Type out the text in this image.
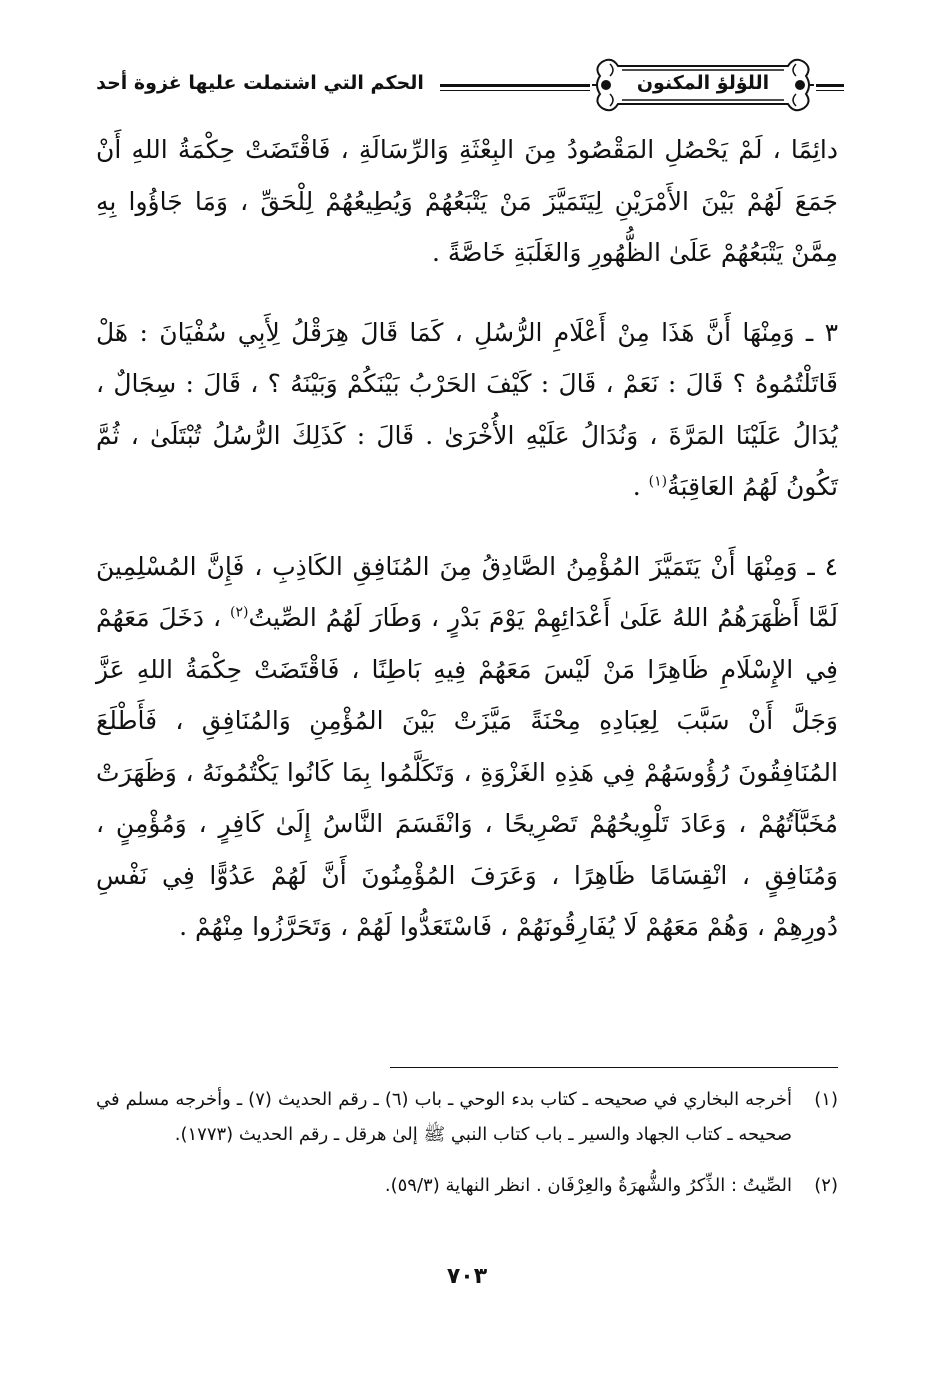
اللؤلؤ المكنون
الحكم التي اشتملت عليها غزوة أحد

دائِمًا ، لَمْ يَحْصُلِ المَقْصُودُ مِنَ البِعْثَةِ وَالرِّسَالَةِ ، فَاقْتَضَتْ حِكْمَةُ اللهِ أَنْ جَمَعَ لَهُمْ بَيْنَ الأَمْرَيْنِ لِيَتَمَيَّزَ مَنْ يَتْبَعُهُمْ وَيُطِيعُهُمْ لِلْحَقِّ ، وَمَا جَاؤُوا بِهِ مِمَّنْ يَتْبَعُهُمْ عَلَىٰ الظُّهُورِ وَالغَلَبَةِ خَاصَّةً .

٣ ـ وَمِنْهَا أَنَّ هَذَا مِنْ أَعْلَامِ الرُّسُلِ ، كَمَا قَالَ هِرَقْلُ لِأَبِي سُفْيَانَ : هَلْ قَاتَلْتُمُوهُ ؟ قَالَ : نَعَمْ ، قَالَ : كَيْفَ الحَرْبُ بَيْنَكُمْ وَبَيْنَهُ ؟ ، قَالَ : سِجَالٌ ، يُدَالُ عَلَيْنَا المَرَّةَ ، وَنُدَالُ عَلَيْهِ الأُخْرَىٰ . قَالَ : كَذَلِكَ الرُّسُلُ تُبْتَلَىٰ ، ثُمَّ تَكُونُ لَهُمُ العَاقِبَةُ$^{(١)}$ .

٤ ـ وَمِنْهَا أَنْ يَتَمَيَّزَ المُؤْمِنُ الصَّادِقُ مِنَ المُنَافِقِ الكَاذِبِ ، فَإِنَّ المُسْلِمِينَ لَمَّا أَظْهَرَهُمُ اللهُ عَلَىٰ أَعْدَائِهِمْ يَوْمَ بَدْرٍ ، وَطَارَ لَهُمُ الصِّيتُ$^{(٢)}$ ، دَخَلَ مَعَهُمْ فِي الإِسْلَامِ ظَاهِرًا مَنْ لَيْسَ مَعَهُمْ فِيهِ بَاطِنًا ، فَاقْتَضَتْ حِكْمَةُ اللهِ عَزَّ وَجَلَّ أَنْ سَبَّبَ لِعِبَادِهِ مِحْنَةً مَيَّزَتْ بَيْنَ المُؤْمِنِ وَالمُنَافِقِ ، فَأَطْلَعَ المُنَافِقُونَ رُؤُوسَهُمْ فِي هَذِهِ الغَزْوَةِ ، وَتَكَلَّمُوا بِمَا كَانُوا يَكْتُمُونَهُ ، وَظَهَرَتْ مُخَبَّآتُهُمْ ، وَعَادَ تَلْوِيحُهُمْ تَصْرِيحًا ، وَانْقَسَمَ النَّاسُ إِلَىٰ كَافِرٍ ، وَمُؤْمِنٍ ، وَمُنَافِقٍ ، انْقِسَامًا ظَاهِرًا ، وَعَرَفَ المُؤْمِنُونَ أَنَّ لَهُمْ عَدُوًّا فِي نَفْسِ دُورِهِمْ ، وَهُمْ مَعَهُمْ لَا يُفَارِقُونَهُمْ ، فَاسْتَعَدُّوا لَهُمْ ، وَتَحَرَّزُوا مِنْهُمْ .

(١)
أخرجه البخاري في صحيحه ـ كتاب بدء الوحي ـ باب (٦) ـ رقم الحديث (٧) ـ وأخرجه مسلم في صحيحه ـ كتاب الجهاد والسير ـ باب كتاب النبي ﷺ إلىٰ هرقل ـ رقم الحديث (١٧٧٣).
(٢)
الصِّيتُ : الذِّكرُ والشُّهرَةُ والعِرْفَان . انظر النهاية (٥٩/٣).
٧٠٣
